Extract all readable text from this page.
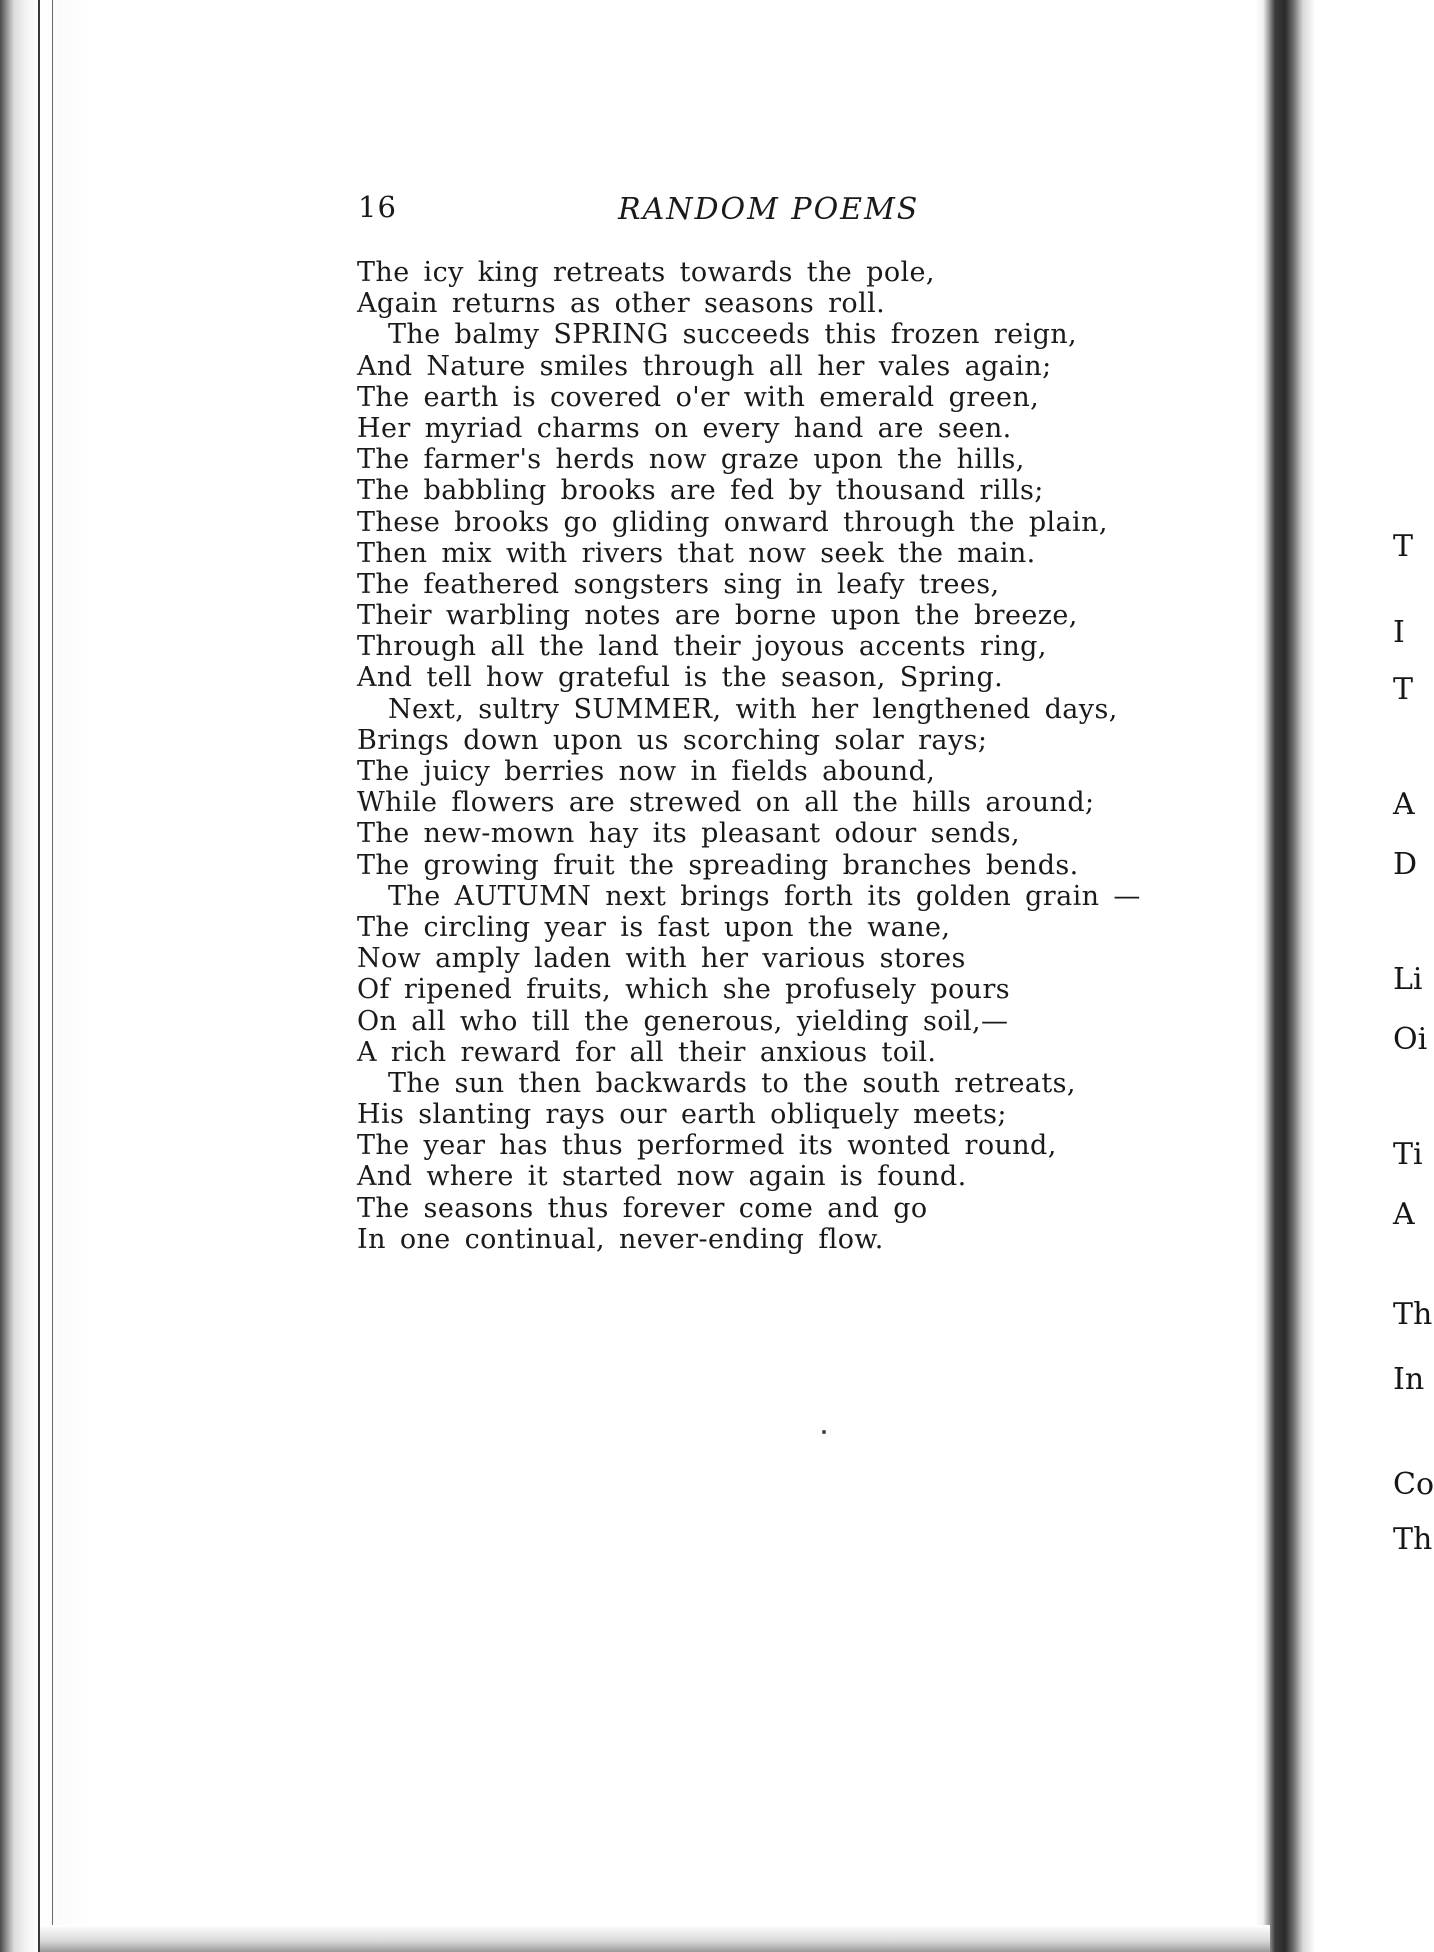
16	RANDOM POEMS
The icy king retreats towards the pole,
Again returns as other seasons roll.
The balmy SPRING succeeds this frozen reign,
And Nature smiles through all her vales again;
The earth is covered o'er with emerald green,
Her myriad charms on every hand are seen.
The farmer's herds now graze upon the hills,
The babbling brooks are fed by thousand rills;
These brooks go gliding onward through the plain,
Then mix with rivers that now seek the main.
The feathered songsters sing in leafy trees,
Their warbling notes are borne upon the breeze,
Through all the land their joyous accents ring,
And tell how grateful is the season, Spring.
Next, sultry SUMMER, with her lengthened days,
Brings down upon us scorching solar rays;
The juicy berries now in fields abound,
While flowers are strewed on all the hills around;
The new-mown hay its pleasant odour sends,
The growing fruit the spreading branches bends.
The AUTUMN next brings forth its golden grain —
The circling year is fast upon the wane,
Now amply laden with her various stores
Of ripened fruits, which she profusely pours
On all who till the generous, yielding soil,—
A rich reward for all their anxious toil.
The sun then backwards to the south retreats,
His slanting rays our earth obliquely meets;
The year has thus performed its wonted round,
And where it started now again is found.
The seasons thus forever come and go
In one continual, never-ending flow.
T
I
T
A
D
Li
Oi
Ti
A
Th
In
Co
Th
